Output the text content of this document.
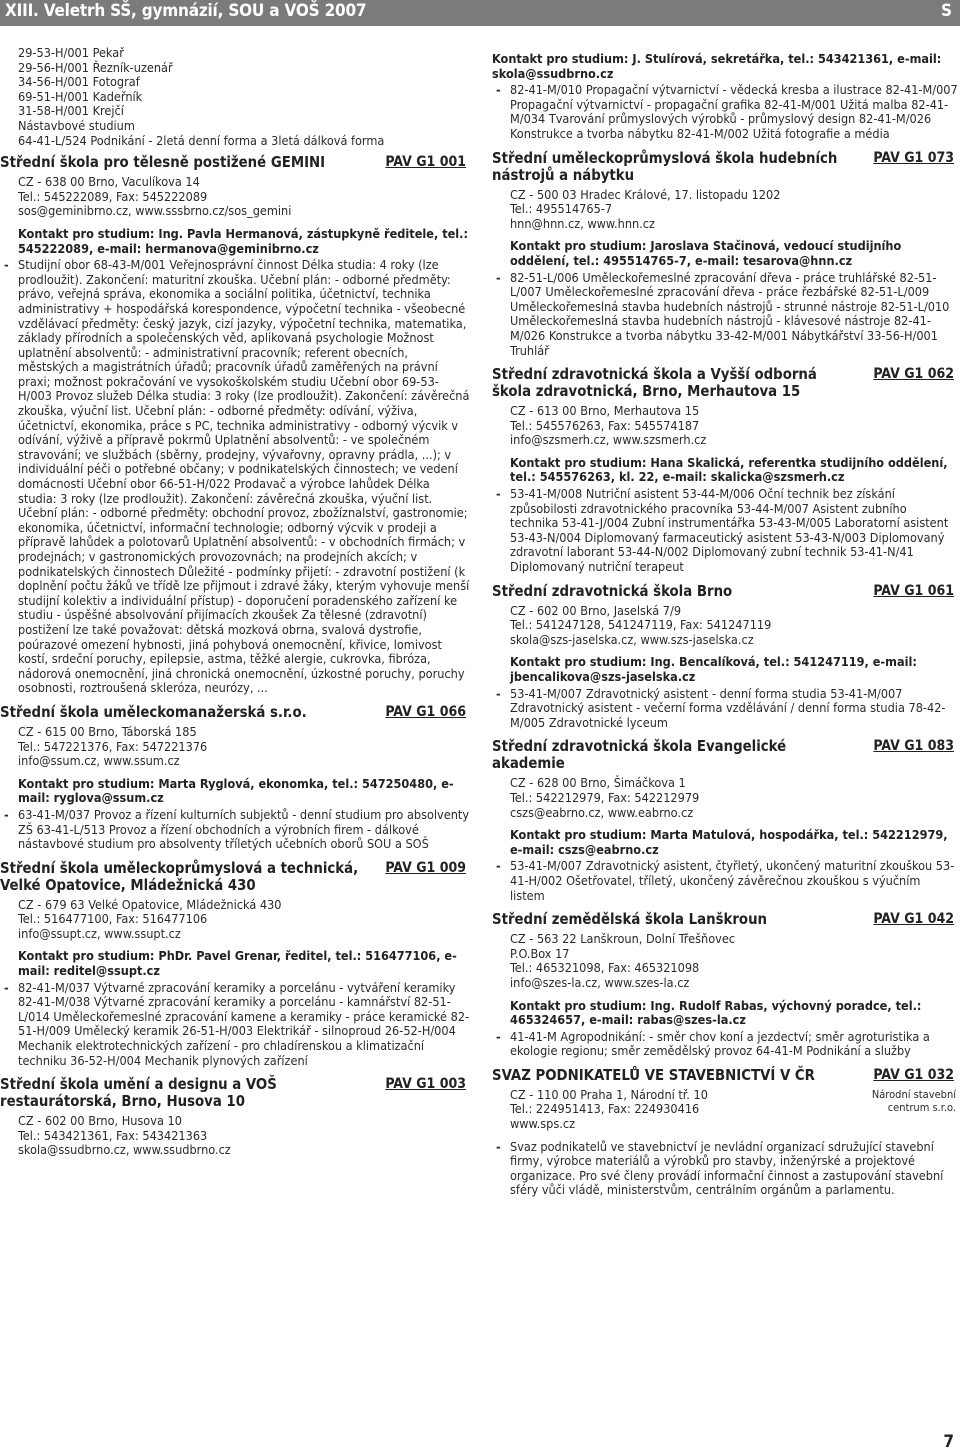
XIII. Veletrh SŠ, gymnázií, SOU a VOŠ 2007	S
29-53-H/001 Pekař
29-56-H/001 Řezník-uzenář
34-56-H/001 Fotograf
69-51-H/001 Kadeřník
31-58-H/001 Krejčí
Nástavbové studium
64-41-L/524 Podnikání - 2letá denní forma a 3letá dálková forma
Střední škola pro tělesně postižené GEMINI	PAV G1 001
CZ - 638 00 Brno, Vaculíkova 14
Tel.: 545222089, Fax: 545222089
sos@geminibrno.cz, www.sssbrno.cz/sos_gemini
Kontakt pro studium: Ing. Pavla Hermanová, zástupkyně ředitele, tel.: 545222089, e-mail: hermanova@geminibrno.cz
- Studijní obor 68-43-M/001 Veřejnosprávní činnost Délka studia: 4 roky (lze prodloužit). Zakončení: maturitní zkouška. Učební plán: - odborné předměty: právo, veřejná správa, ekonomika a sociální politika, účetnictví, technika administrativy + hospodářská korespondence, výpočetní technika - všeobecné vzdělávací předměty: český jazyk, cizí jazyky, výpočetní technika, matematika, základy přírodních a společenských věd, aplikovaná psychologie Možnost uplatnění absolventů: - administrativní pracovník; referent obecních, městských a magistrátních úřadů; pracovník úřadů zaměřených na právní praxi; možnost pokračování ve vysokoškolském studiu Učební obor 69-53-H/003 Provoz služeb Délka studia: 3 roky (lze prodloužit). Zakončení: závěrečná zkouška, výuční list. Učební plán: - odborné předměty: odívání, výživa, účetnictví, ekonomika, práce s PC, technika administrativy - odborný výcvik v odívání, výživě a přípravě pokrmů Uplatnění absolventů: - ve společném stravování; ve službách (sběrny, prodejny, vývařovny, opravny prádla, ...); v individuální péči o potřebné občany; v podnikatelských činnostech; ve vedení domácnosti Učební obor 66-51-H/022 Prodavač a výrobce lahůdek Délka studia: 3 roky (lze prodloužit). Zakončení: závěrečná zkouška, výuční list. Učební plán: - odborné předměty: obchodní provoz, zbožíznalství, gastronomie; ekonomika, účetnictví, informační technologie; odborný výcvik v prodeji a přípravě lahůdek a polotovarů Uplatnění absolventů: - v obchodních firmách; v prodejnách; v gastronomických provozovnách; na prodejních akcích; v podnikatelských činnostech Důležité - podmínky přijetí: - zdravotní postižení (k doplnění počtu žáků ve třídě lze přijmout i zdravé žáky, kterým vyhovuje menší studijní kolektiv a individuální přístup) - doporučení poradenského zařízení ke studiu - úspěšné absolvování přijímacích zkoušek Za tělesné (zdravotní) postižení lze také považovat: dětská mozková obrna, svalová dystrofie, poúrazové omezení hybnosti, jiná pohybová onemocnění, křivice, lomivost kostí, srdeční poruchy, epilepsie, astma, těžké alergie, cukrovka, fibróza, nádorová onemocnění, jiná chronická onemocnění, úzkostné poruchy, poruchy osobnosti, roztroušená skleróza, neurózy, ...
Střední škola uměleckomanažerská s.r.o.	PAV G1 066
CZ - 615 00 Brno, Táborská 185
Tel.: 547221376, Fax: 547221376
info@ssum.cz, www.ssum.cz
Kontakt pro studium: Marta Ryglová, ekonomka, tel.: 547250480, e-mail: ryglova@ssum.cz
- 63-41-M/037 Provoz a řízení kulturních subjektů - denní studium pro absolventy ZŠ 63-41-L/513 Provoz a řízení obchodních a výrobních firem - dálkové nástavbové studium pro absolventy tříletých učebních oborů SOU a SOŠ
Střední škola uměleckoprůmyslová a technická, Velké Opatovice, Mládežnická 430
PAV G1 009
CZ - 679 63 Velké Opatovice, Mládežnická 430
Tel.: 516477100, Fax: 516477106
info@ssupt.cz, www.ssupt.cz
Kontakt pro studium: PhDr. Pavel Grenar, ředitel, tel.: 516477106, e-mail: reditel@ssupt.cz
- 82-41-M/037 Výtvarné zpracování keramiky a porcelánu - vytváření keramiky 82-41-M/038 Výtvarné zpracování keramiky a porcelánu - kamnářství 82-51-L/014 Uměleckořemeslné zpracování kamene a keramiky - práce keramické 82-51-H/009 Umělecký keramik 26-51-H/003 Elektrikář - silnoproud 26-52-H/004 Mechanik elektrotechnických zařízení - pro chladírenskou a klimatizační techniku 36-52-H/004 Mechanik plynových zařízení
Střední škola umění a designu a VOŠ restaurátorská, Brno, Husova 10
PAV G1 003
CZ - 602 00 Brno, Husova 10
Tel.: 543421361, Fax: 543421363
skola@ssudbrno.cz, www.ssudbrno.cz
Kontakt pro studium: J. Stulírová, sekretářka, tel.: 543421361, e-mail: skola@ssudbrno.cz
- 82-41-M/010 Propagační výtvarnictví - vědecká kresba a ilustrace 82-41-M/007 Propagační výtvarnictví - propagační grafika 82-41-M/001 Užitá malba 82-41-M/034 Tvarování průmyslových výrobků - průmyslový design 82-41-M/026 Konstrukce a tvorba nábytku 82-41-M/002 Užitá fotografie a média
Střední uměleckoprůmyslová škola hudebních nástrojů a nábytku
PAV G1 073
CZ - 500 03 Hradec Králové, 17. listopadu 1202
Tel.: 495514765-7
hnn@hnn.cz, www.hnn.cz
Kontakt pro studium: Jaroslava Stačinová, vedoucí studijního oddělení, tel.: 495514765-7, e-mail: tesarova@hnn.cz
- 82-51-L/006 Uměleckořemeslné zpracování dřeva - práce truhlářské 82-51-L/007 Uměleckořemeslné zpracování dřeva - práce řezbářské 82-51-L/009 Uměleckořemeslná stavba hudebních nástrojů - strunné nástroje 82-51-L/010 Uměleckořemeslná stavba hudebních nástrojů - klávesové nástroje 82-41-M/026 Konstrukce a tvorba nábytku 33-42-M/001 Nábytkářství 33-56-H/001 Truhlář
Střední zdravotnická škola a Vyšší odborná škola zdravotnická, Brno, Merhautova 15
PAV G1 062
CZ - 613 00 Brno, Merhautova 15
Tel.: 545576263, Fax: 545574187
info@szsmerh.cz, www.szsmerh.cz
Kontakt pro studium: Hana Skalická, referentka studijního oddělení, tel.: 545576263, kl. 22, e-mail: skalicka@szsmerh.cz
- 53-41-M/008 Nutriční asistent 53-44-M/006 Oční technik bez získání způsobilosti zdravotnického pracovníka 53-44-M/007 Asistent zubního technika 53-41-J/004 Zubní instrumentářka 53-43-M/005 Laboratorní asistent 53-43-N/004 Diplomovaný farmaceutický asistent 53-43-N/003 Diplomovaný zdravotní laborant 53-44-N/002 Diplomovaný zubní technik 53-41-N/41 Diplomovaný nutriční terapeut
Střední zdravotnická škola Brno	PAV G1 061
CZ - 602 00 Brno, Jaselská 7/9
Tel.: 541247128, 541247119, Fax: 541247119
skola@szs-jaselska.cz, www.szs-jaselska.cz
Kontakt pro studium: Ing. Bencalíková, tel.: 541247119, e-mail: jbencalikova@szs-jaselska.cz
- 53-41-M/007 Zdravotnický asistent - denní forma studia 53-41-M/007 Zdravotnický asistent - večerní forma vzdělávání / denní forma studia 78-42-M/005 Zdravotnické lyceum
Střední zdravotnická škola Evangelické akademie
PAV G1 083
CZ - 628 00 Brno, Šimáčkova 1
Tel.: 542212979, Fax: 542212979
cszs@eabrno.cz, www.eabrno.cz
Kontakt pro studium: Marta Matulová, hospodářka, tel.: 542212979, e-mail: cszs@eabrno.cz
- 53-41-M/007 Zdravotnický asistent, čtyřletý, ukončený maturitní zkouškou 53-41-H/002 Ošetřovatel, tříletý, ukončený závěrečnou zkouškou s výučním listem
Střední zemědělská škola Lanškroun	PAV G1 042
CZ - 563 22 Lanškroun, Dolní Třešňovec
P.O.Box 17
Tel.: 465321098, Fax: 465321098
info@szes-la.cz, www.szes-la.cz
Kontakt pro studium: Ing. Rudolf Rabas, výchovný poradce, tel.: 465324657, e-mail: rabas@szes-la.cz
- 41-41-M Agropodnikání: - směr chov koní a jezdectví; směr agroturistika a ekologie regionu; směr zemědělský provoz 64-41-M Podnikání a služby
SVAZ PODNIKATELŮ VE STAVEBNICTVÍ V ČR	PAV G1 032
Národní stavební centrum s.r.o.
CZ - 110 00 Praha 1, Národní tř. 10
Tel.: 224951413, Fax: 224930416
www.sps.cz
- Svaz podnikatelů ve stavebnictví je nevládní organizací sdružující stavební firmy, výrobce materiálů a výrobků pro stavby, inženýrské a projektové organizace. Pro své členy provádí informační činnost a zastupování stavební sféry vůči vládě, ministerstvům, centrálním orgánům a parlamentu.
7
